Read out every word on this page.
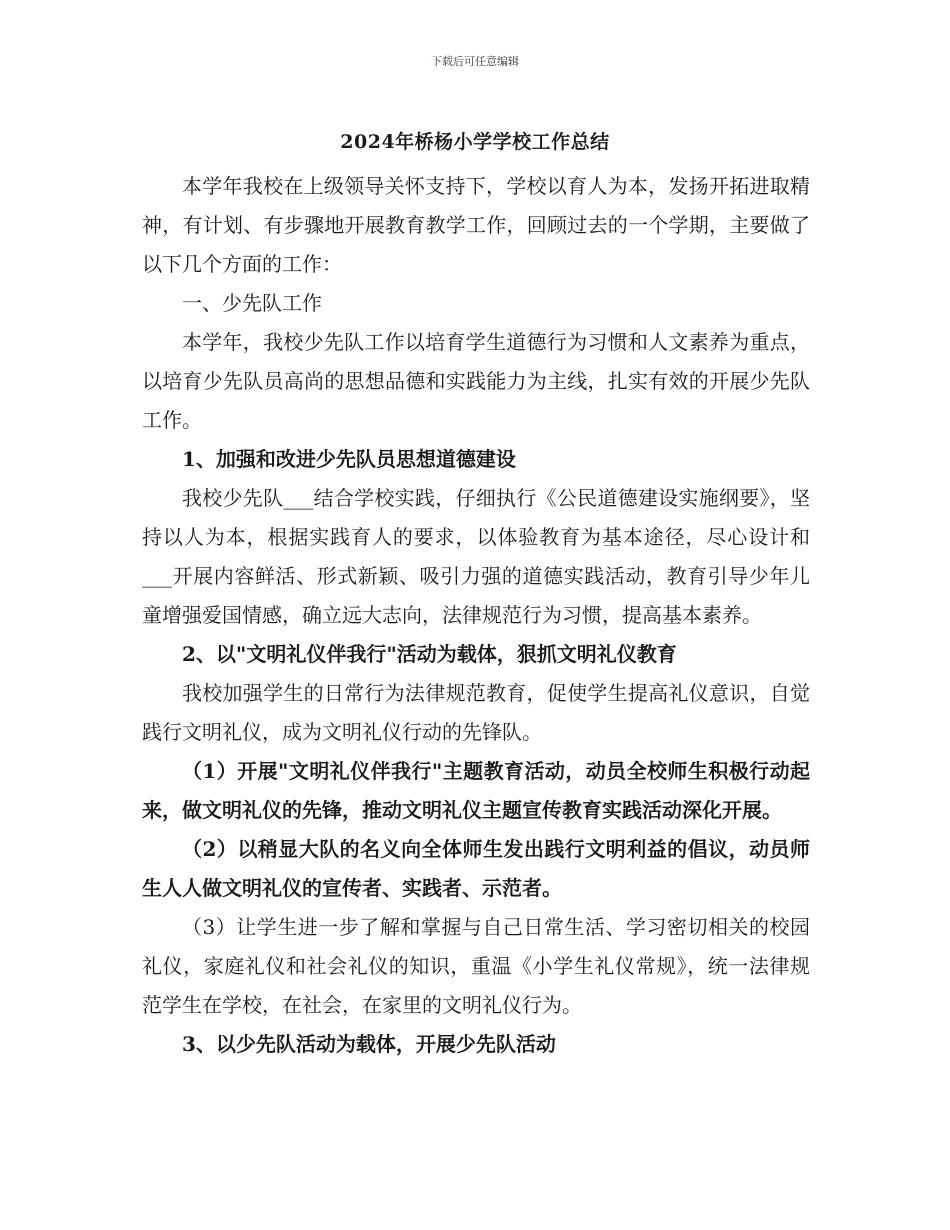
下载后可任意编辑
2024年桥杨小学学校工作总结

本学年我校在上级领导关怀支持下，学校以育人为本，发扬开拓进取精神，有计划、有步骤地开展教育教学工作，回顾过去的一个学期，主要做了以下几个方面的工作：

一、少先队工作

本学年，我校少先队工作以培育学生道德行为习惯和人文素养为重点，以培育少先队员高尚的思想品德和实践能力为主线，扎实有效的开展少先队工作。

1、加强和改进少先队员思想道德建设

我校少先队___结合学校实践，仔细执行《公民道德建设实施纲要》，坚持以人为本，根据实践育人的要求，以体验教育为基本途径，尽心设计和___开展内容鲜活、形式新颖、吸引力强的道德实践活动，教育引导少年儿童增强爱国情感，确立远大志向，法律规范行为习惯，提高基本素养。

2、以"文明礼仪伴我行"活动为载体，狠抓文明礼仪教育

我校加强学生的日常行为法律规范教育，促使学生提高礼仪意识，自觉践行文明礼仪，成为文明礼仪行动的先锋队。

（1）开展"文明礼仪伴我行"主题教育活动，动员全校师生积极行动起来，做文明礼仪的先锋，推动文明礼仪主题宣传教育实践活动深化开展。

（2）以稍显大队的名义向全体师生发出践行文明利益的倡议，动员师生人人做文明礼仪的宣传者、实践者、示范者。

（3）让学生进一步了解和掌握与自己日常生活、学习密切相关的校园礼仪，家庭礼仪和社会礼仪的知识，重温《小学生礼仪常规》，统一法律规范学生在学校，在社会，在家里的文明礼仪行为。

3、以少先队活动为载体，开展少先队活动
